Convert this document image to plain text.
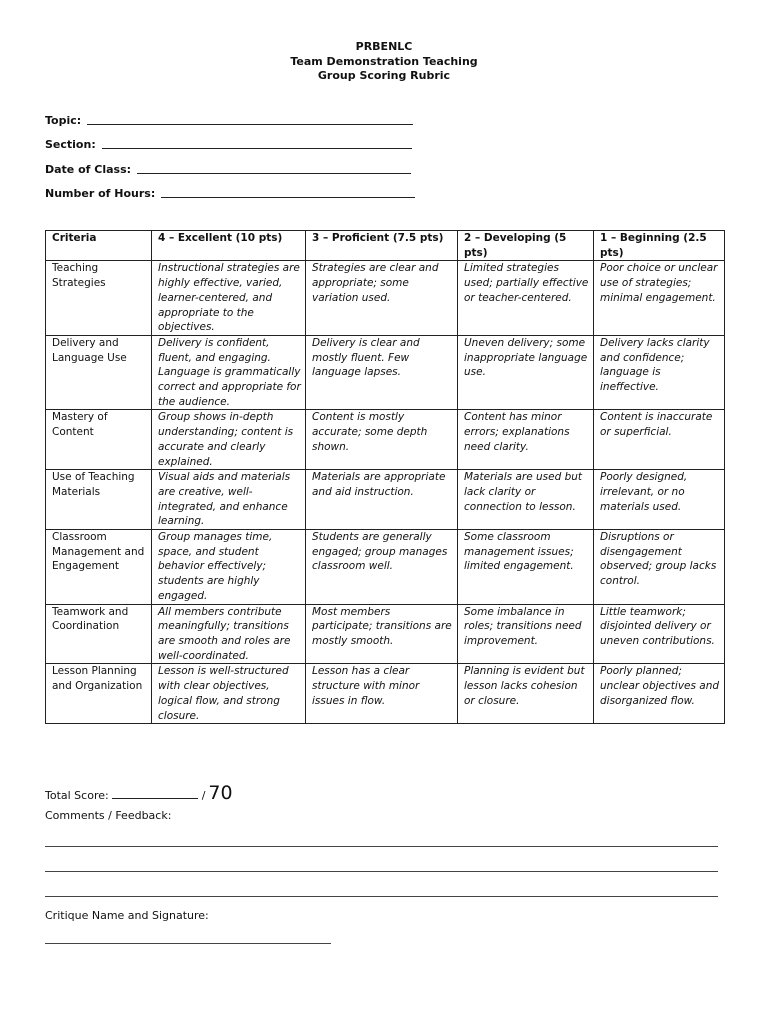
PRBENLC
Team Demonstration Teaching
Group Scoring Rubric
Topic:
Section:
Date of Class:
Number of Hours:
Criteria	4 – Excellent (10 pts)	3 – Proficient (7.5 pts)	2 – Developing (5 pts)	1 – Beginning (2.5 pts)
Teaching Strategies	Instructional strategies are highly effective, varied, learner-centered, and appropriate to the objectives.	Strategies are clear and appropriate; some variation used.	Limited strategies used; partially effective or teacher-centered.	Poor choice or unclear use of strategies; minimal engagement.
Delivery and Language Use	Delivery is confident, fluent, and engaging. Language is grammatically correct and appropriate for the audience.	Delivery is clear and mostly fluent. Few language lapses.	Uneven delivery; some inappropriate language use.	Delivery lacks clarity and confidence; language is ineffective.
Mastery of Content	Group shows in-depth understanding; content is accurate and clearly explained.	Content is mostly accurate; some depth shown.	Content has minor errors; explanations need clarity.	Content is inaccurate or superficial.
Use of Teaching Materials	Visual aids and materials are creative, well-integrated, and enhance learning.	Materials are appropriate and aid instruction.	Materials are used but lack clarity or connection to lesson.	Poorly designed, irrelevant, or no materials used.
Classroom Management and Engagement	Group manages time, space, and student behavior effectively; students are highly engaged.	Students are generally engaged; group manages classroom well.	Some classroom management issues; limited engagement.	Disruptions or disengagement observed; group lacks control.
Teamwork and Coordination	All members contribute meaningfully; transitions are smooth and roles are well-coordinated.	Most members participate; transitions are mostly smooth.	Some imbalance in roles; transitions need improvement.	Little teamwork; disjointed delivery or uneven contributions.
Lesson Planning and Organization	Lesson is well-structured with clear objectives, logical flow, and strong closure.	Lesson has a clear structure with minor issues in flow.	Planning is evident but lesson lacks cohesion or closure.	Poorly planned; unclear objectives and disorganized flow.
Total Score:	/ 70
Comments / Feedback:
Critique Name and Signature:
